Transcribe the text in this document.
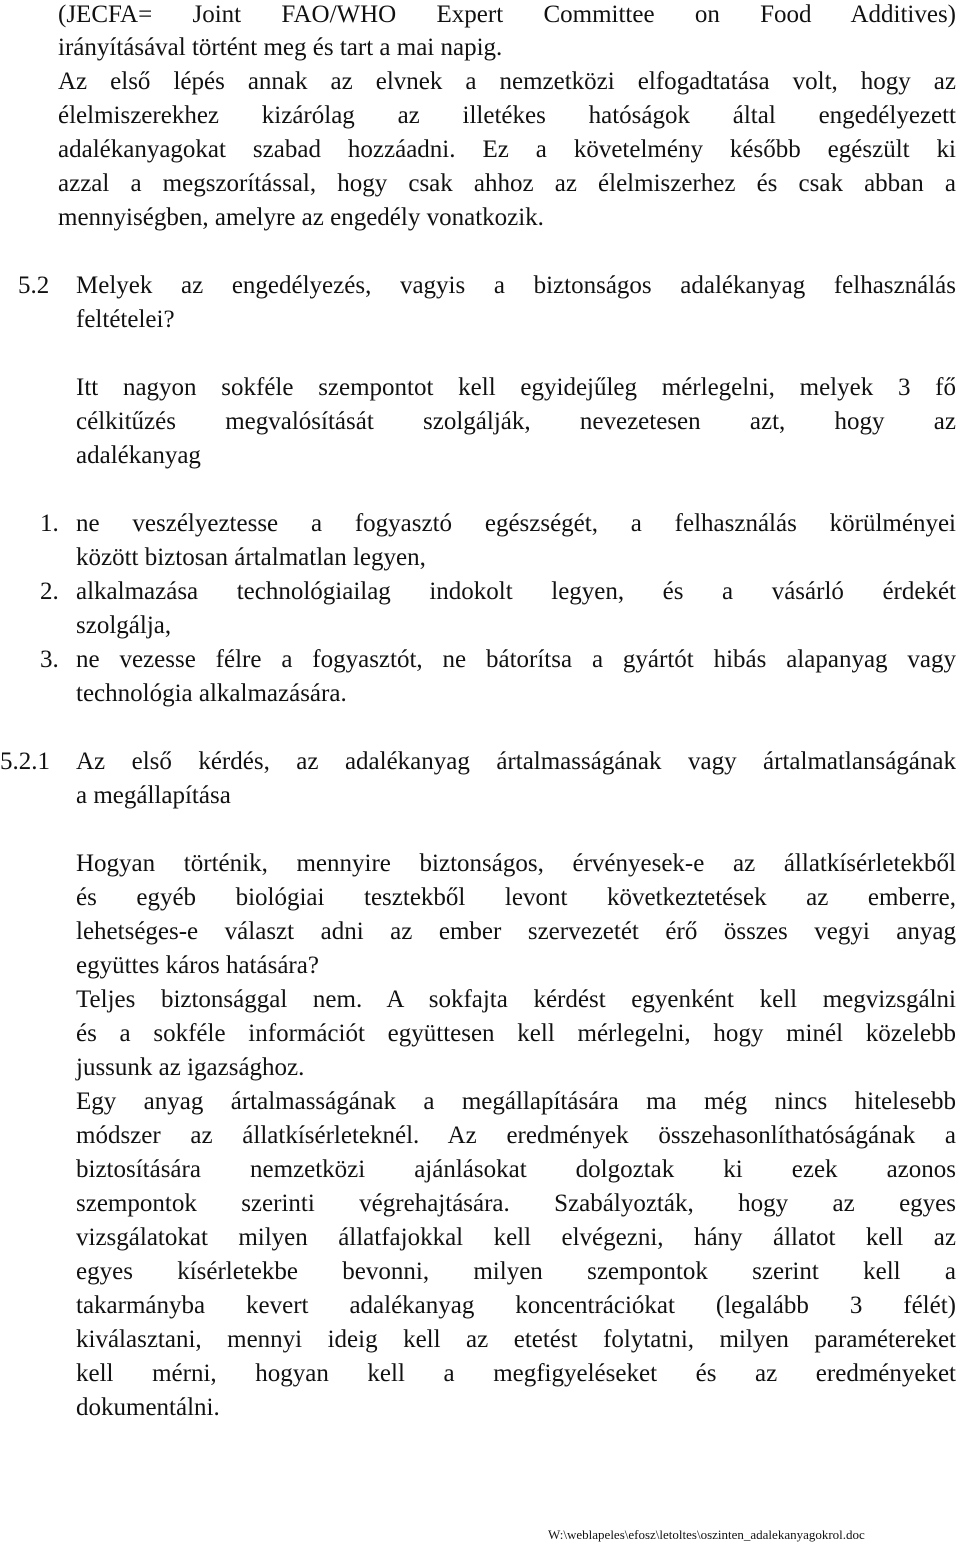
(JECFA= Joint FAO/WHO Expert Committee on Food Additives)

irányításával történt meg és tart a mai napig.

Az első lépés annak az elvnek a nemzetközi elfogadtatása volt, hogy az

élelmiszerekhez kizárólag az illetékes hatóságok által engedélyezett

adalékanyagokat szabad hozzáadni. Ez a követelmény később egészült ki

azzal a megszorítással, hogy csak ahhoz az élelmiszerhez és csak abban a

mennyiségben, amelyre az engedély vonatkozik.

5.2 Melyek az engedélyezés, vagyis a biztonságos adalékanyag felhasználás

feltételei?

Itt nagyon sokféle szempontot kell egyidejűleg mérlegelni, melyek 3 fő

célkitűzés megvalósítását szolgálják, nevezetesen azt, hogy az

adalékanyag

1. ne veszélyeztesse a fogyasztó egészségét, a felhasználás körülményei

között biztosan ártalmatlan legyen,

2. alkalmazása technológiailag indokolt legyen, és a vásárló érdekét

szolgálja,

3. ne vezesse félre a fogyasztót, ne bátorítsa a gyártót hibás alapanyag vagy

technológia alkalmazására.

5.2.1 Az első kérdés, az adalékanyag ártalmasságának vagy ártalmatlanságának

a megállapítása

Hogyan történik, mennyire biztonságos, érvényesek-e az állatkísérletekből

és egyéb biológiai tesztekből levont következtetések az emberre,

lehetséges-e választ adni az ember szervezetét érő összes vegyi anyag

együttes káros hatására?

Teljes biztonsággal nem. A sokfajta kérdést egyenként kell megvizsgálni

és a sokféle információt együttesen kell mérlegelni, hogy minél közelebb

jussunk az igazsághoz.

Egy anyag ártalmasságának a megállapítására ma még nincs hitelesebb

módszer az állatkísérleteknél. Az eredmények összehasonlíthatóságának a

biztosítására nemzetközi ajánlásokat dolgoztak ki ezek azonos

szempontok szerinti végrehajtására. Szabályozták, hogy az egyes

vizsgálatokat milyen állatfajokkal kell elvégezni, hány állatot kell az

egyes kísérletekbe bevonni, milyen szempontok szerint kell a

takarmányba kevert adalékanyag koncentrációkat (legalább 3 félét)

kiválasztani, mennyi ideig kell az etetést folytatni, milyen paramétereket

kell mérni, hogyan kell a megfigyeléseket és az eredményeket

dokumentálni.

W:\weblapeles\efosz\letoltes\oszinten_adalekanyagokrol.doc
